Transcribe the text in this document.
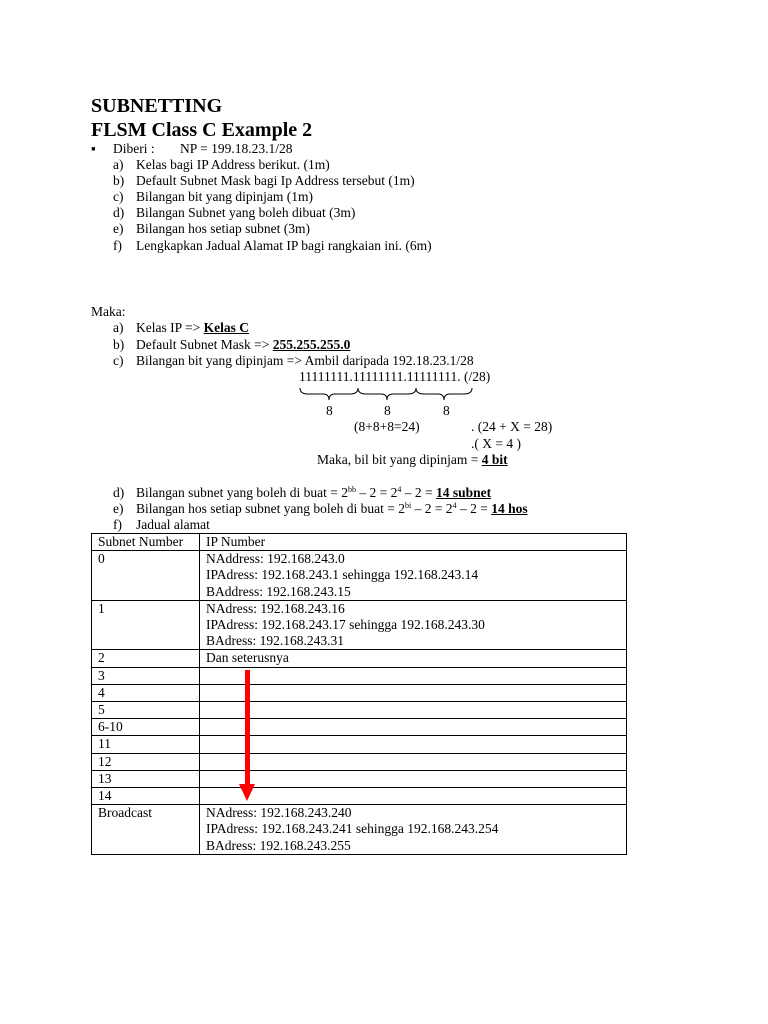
SUBNETTING
FLSM Class C Example 2
▪ Diberi : NP = 199.18.23.1/28
a) Kelas bagi IP Address berikut. (1m)
b) Default Subnet Mask bagi Ip Address tersebut (1m)
c) Bilangan bit yang dipinjam (1m)
d) Bilangan Subnet yang boleh dibuat (3m)
e) Bilangan hos setiap subnet (3m)
f) Lengkapkan Jadual Alamat IP bagi rangkaian ini. (6m)
Maka:
a) Kelas IP => Kelas C
b) Default Subnet Mask => 255.255.255.0
c) Bilangan bit yang dipinjam => Ambil daripada 192.18.23.1/28
11111111.11111111.11111111. (/28)
8	8	8
(8+8+8=24)	. (24 + X = 28)
.( X = 4 )
Maka, bil bit yang dipinjam = 4 bit
d) Bilangan subnet yang boleh di buat = $2^{bb} - 2 = 2^4 - 2 = 14$ subnet
e) Bilangan hos setiap subnet yang boleh di buat = $2^{bi} - 2 = 2^4 - 2 = 14$ hos
f) Jadual alamat
Subnet Number	IP Number
0	NAddress: 192.168.243.0
IPAdress: 192.168.243.1 sehingga 192.168.243.14
BAddress: 192.168.243.15

1	NAdress: 192.168.243.16
IPAdress: 192.168.243.17 sehingga 192.168.243.30
BAdress: 192.168.243.31

2	Dan seterusnya
3	
4	
5	
6-10	
11	
12	
13	
14	
Broadcast	NAdress: 192.168.243.240
IPAdress: 192.168.243.241 sehingga 192.168.243.254
BAdress: 192.168.243.255
